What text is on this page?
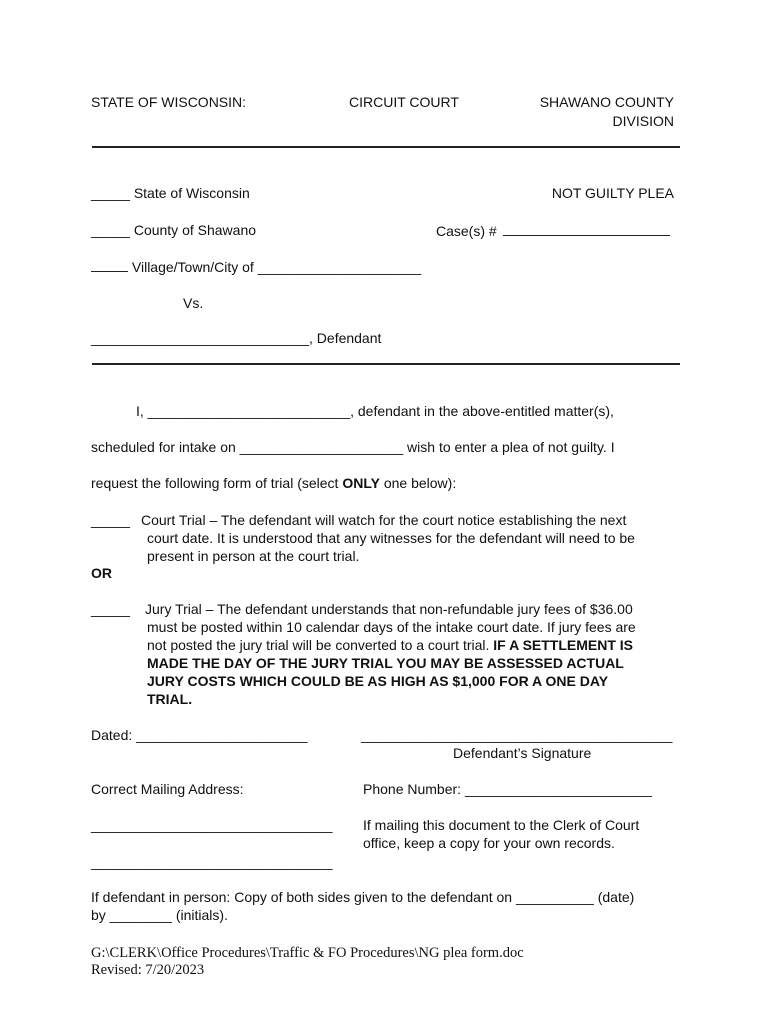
STATE OF WISCONSIN:	CIRCUIT COURT	SHAWANO COUNTY
DIVISION
_____ State of Wisconsin	NOT GUILTY PLEA
_____ County of Shawano	Case(s) #
Village/Town/City of _____________________
Vs.
____________________________, Defendant
I, __________________________, defendant in the above-entitled matter(s),
scheduled for intake on _____________________ wish to enter a plea of not guilty. I
request the following form of trial (select ONLY one below):
_____ Court Trial – The defendant will watch for the court notice establishing the next
court date. It is understood that any witnesses for the defendant will need to be
present in person at the court trial.
OR
_____ Jury Trial – The defendant understands that non-refundable jury fees of $36.00
must be posted within 10 calendar days of the intake court date. If jury fees are
not posted the jury trial will be converted to a court trial. IF A SETTLEMENT IS
MADE THE DAY OF THE JURY TRIAL YOU MAY BE ASSESSED ACTUAL
JURY COSTS WHICH COULD BE AS HIGH AS $1,000 FOR A ONE DAY
TRIAL.
Dated: ______________________	________________________________________
Defendant’s Signature
Correct Mailing Address:	Phone Number: ________________________
_______________________________
_______________________________
If mailing this document to the Clerk of Court
office, keep a copy for your own records.
If defendant in person: Copy of both sides given to the defendant on __________ (date)
by ________ (initials).
G:\CLERK\Office Procedures\Traffic & FO Procedures\NG plea form.doc
Revised: 7/20/2023
